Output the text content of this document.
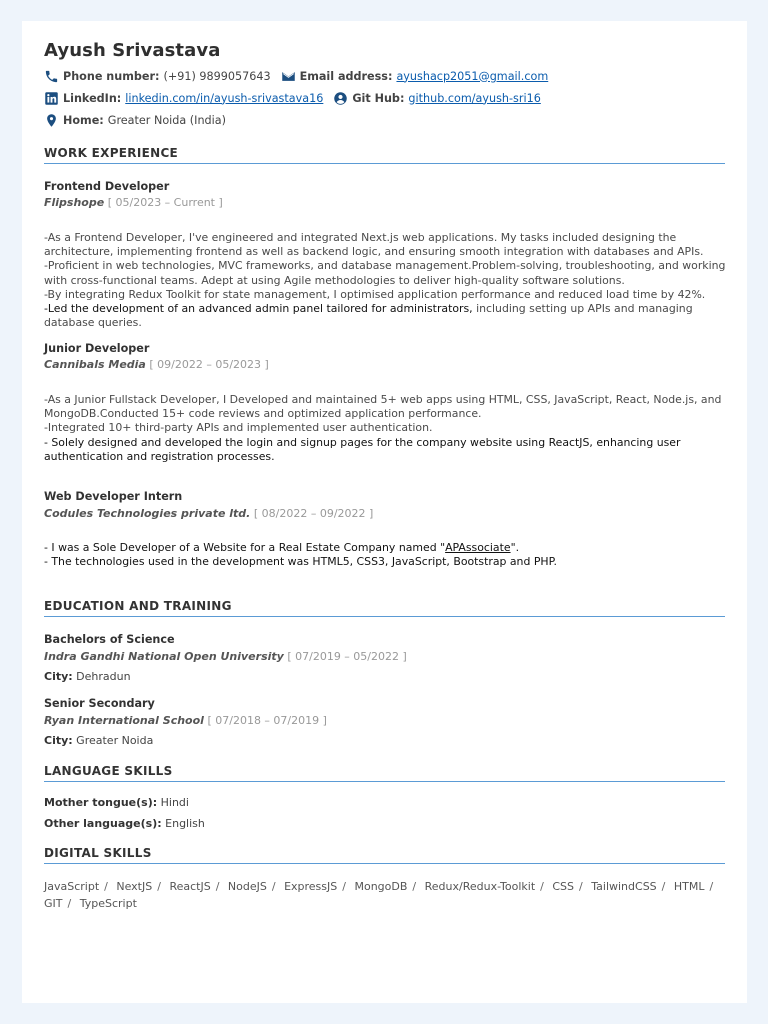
Ayush Srivastava
Phone number: (+91) 9899057643	Email address: ayushacp2051@gmail.com
LinkedIn: linkedin.com/in/ayush-srivastava16	Git Hub: github.com/ayush-sri16
Home: Greater Noida (India)
WORK EXPERIENCE
Frontend Developer
Flipshope [ 05/2023 – Current ]

-As a Frontend Developer, I've engineered and integrated Next.js web applications. My tasks included designing the architecture, implementing frontend as well as backend logic, and ensuring smooth integration with databases and APIs.

-Proficient in web technologies, MVC frameworks, and database management.Problem-solving, troubleshooting, and working with cross-functional teams. Adept at using Agile methodologies to deliver high-quality software solutions.

-By integrating Redux Toolkit for state management, I optimised application performance and reduced load time by 42%.

-Led the development of an advanced admin panel tailored for administrators, including setting up APIs and managing database queries.

Junior Developer
Cannibals Media [ 09/2022 – 05/2023 ]

-As a Junior Fullstack Developer, I Developed and maintained 5+ web apps using HTML, CSS, JavaScript, React, Node.js, and MongoDB.Conducted 15+ code reviews and optimized application performance.

-Integrated 10+ third-party APIs and implemented user authentication.

- Solely designed and developed the login and signup pages for the company website using ReactJS, enhancing user authentication and registration processes.

Web Developer Intern
Codules Technologies private ltd. [ 08/2022 – 09/2022 ]

- I was a Sole Developer of a Website for a Real Estate Company named "APAssociate".

- The technologies used in the development was HTML5, CSS3, JavaScript, Bootstrap and PHP.

EDUCATION AND TRAINING
Bachelors of Science
Indra Gandhi National Open University [ 07/2019 – 05/2022 ]
City: Dehradun
Senior Secondary
Ryan International School [ 07/2018 – 07/2019 ]
City: Greater Noida
LANGUAGE SKILLS
Mother tongue(s): Hindi
Other language(s): English
DIGITAL SKILLS
JavaScript / NextJS / ReactJS / NodeJS / ExpressJS / MongoDB / Redux/Redux-Toolkit / CSS / TailwindCSS / HTML / GIT / TypeScript
